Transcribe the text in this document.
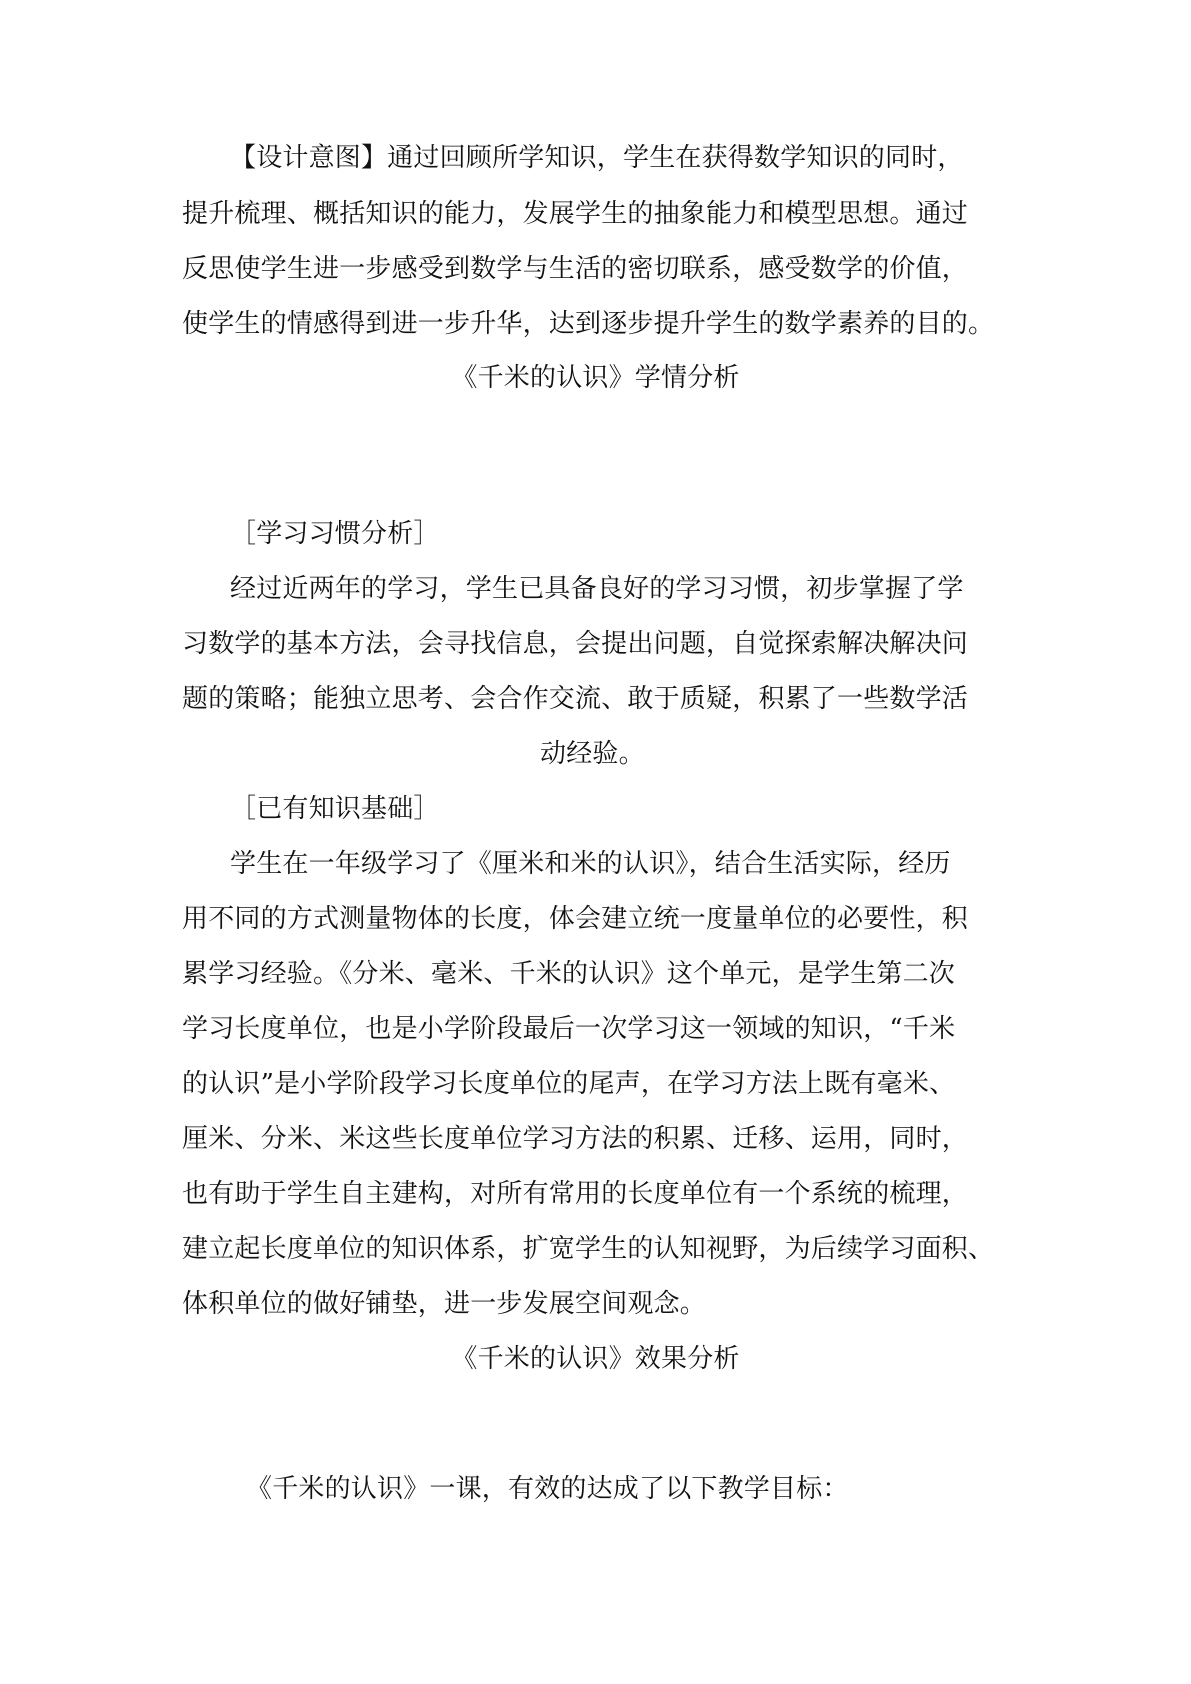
【设计意图】通过回顾所学知识，学生在获得数学知识的同时，
提升梳理、概括知识的能力，发展学生的抽象能力和模型思想。通过
反思使学生进一步感受到数学与生活的密切联系，感受数学的价值，
使学生的情感得到进一步升华，达到逐步提升学生的数学素养的目的。
《千米的认识》学情分析
［学习习惯分析］
经过近两年的学习，学生已具备良好的学习习惯，初步掌握了学
习数学的基本方法，会寻找信息，会提出问题，自觉探索解决解决问
题的策略；能独立思考、会合作交流、敢于质疑，积累了一些数学活
动经验。
［已有知识基础］
学生在一年级学习了《厘米和米的认识》，结合生活实际，经历
用不同的方式测量物体的长度，体会建立统一度量单位的必要性，积
累学习经验。《分米、毫米、千米的认识》这个单元，是学生第二次
学习长度单位，也是小学阶段最后一次学习这一领域的知识，“千米
的认识”是小学阶段学习长度单位的尾声，在学习方法上既有毫米、
厘米、分米、米这些长度单位学习方法的积累、迁移、运用，同时，
也有助于学生自主建构，对所有常用的长度单位有一个系统的梳理，
建立起长度单位的知识体系，扩宽学生的认知视野，为后续学习面积、
体积单位的做好铺垫，进一步发展空间观念。
《千米的认识》效果分析
《千米的认识》一课，有效的达成了以下教学目标：
